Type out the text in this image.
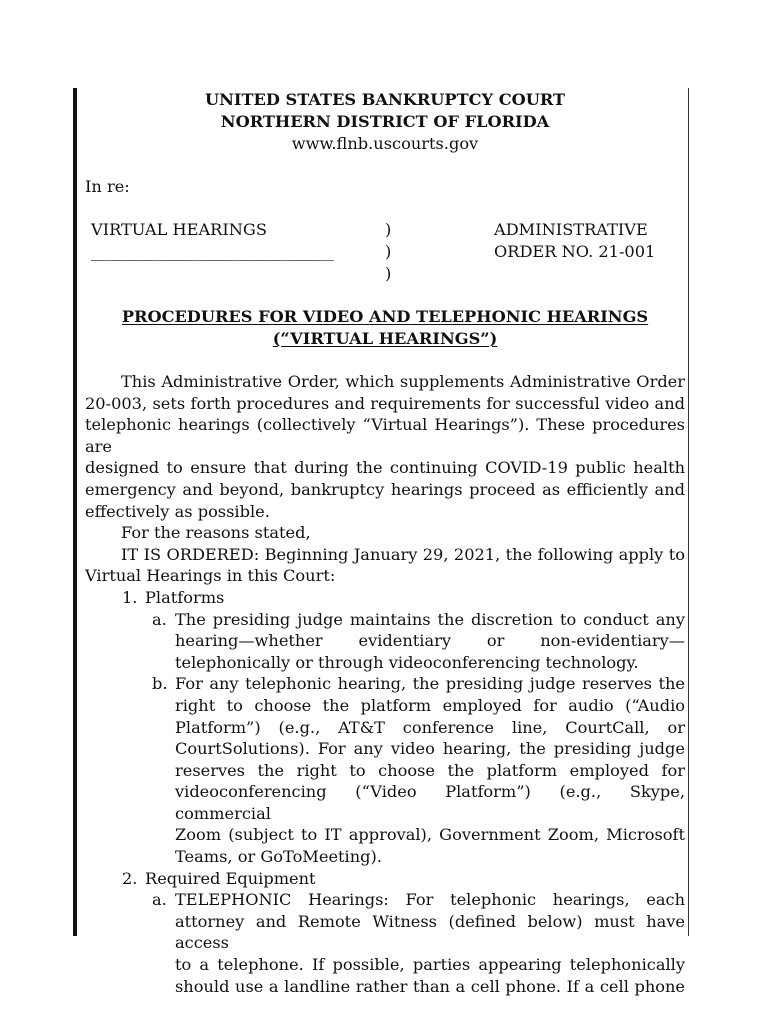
UNITED STATES BANKRUPTCY COURT
NORTHERN DISTRICT OF FLORIDA
www.flnb.uscourts.gov
In re:
VIRTUAL HEARINGS
______________________________
)
)
)
ADMINISTRATIVE
ORDER NO. 21-001
PROCEDURES FOR VIDEO AND TELEPHONIC HEARINGS
(“VIRTUAL HEARINGS”)
This Administrative Order, which supplements Administrative Order
20-003, sets forth procedures and requirements for successful video and
telephonic hearings (collectively “Virtual Hearings”). These procedures are
designed to ensure that during the continuing COVID-19 public health
emergency and beyond, bankruptcy hearings proceed as efficiently and
effectively as possible.
For the reasons stated,
IT IS ORDERED: Beginning January 29, 2021, the following apply to
Virtual Hearings in this Court:
1. Platforms
a. The presiding judge maintains the discretion to conduct any
hearing—whether evidentiary or non-evidentiary—
telephonically or through videoconferencing technology.
b. For any telephonic hearing, the presiding judge reserves the
right to choose the platform employed for audio (“Audio
Platform”) (e.g., AT&T conference line, CourtCall, or
CourtSolutions). For any video hearing, the presiding judge
reserves the right to choose the platform employed for
videoconferencing (“Video Platform”) (e.g., Skype, commercial
Zoom (subject to IT approval), Government Zoom, Microsoft
Teams, or GoToMeeting).
2. Required Equipment
a. TELEPHONIC Hearings: For telephonic hearings, each
attorney and Remote Witness (defined below) must have access
to a telephone. If possible, parties appearing telephonically
should use a landline rather than a cell phone. If a cell phone
